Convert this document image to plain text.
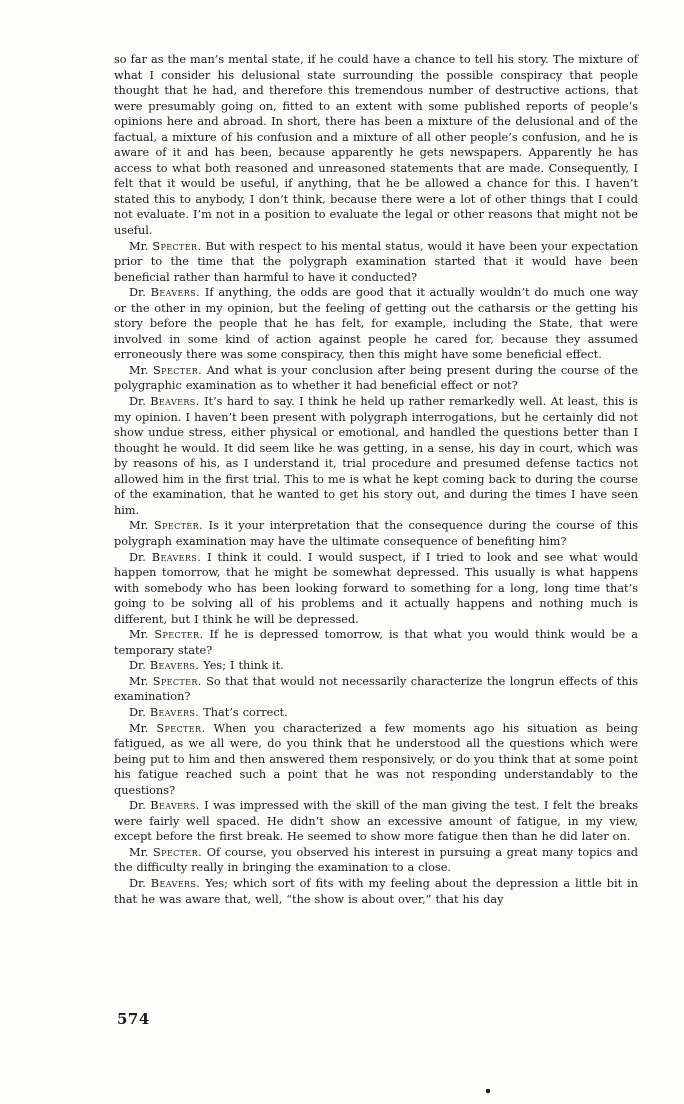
so far as the man’s mental state, if he could have a chance to tell his story. The mixture of what I consider his delusional state surrounding the possible conspiracy that people thought that he had, and therefore this tremendous number of destructive actions, that were presumably going on, fitted to an extent with some published reports of people’s opinions here and abroad. In short, there has been a mixture of the delusional and of the factual, a mixture of his confusion and a mixture of all other people’s confusion, and he is aware of it and has been, because apparently he gets newspapers. Apparently he has access to what both reasoned and unreasoned statements that are made. Consequently, I felt that it would be useful, if anything, that he be allowed a chance for this. I haven’t stated this to anybody, I don’t think, because there were a lot of other things that I could not evaluate. I’m not in a position to evaluate the legal or other reasons that might not be useful.

Mr. Specter. But with respect to his mental status, would it have been your expectation prior to the time that the polygraph examination started that it would have been beneficial rather than harmful to have it conducted?

Dr. Beavers. If anything, the odds are good that it actually wouldn’t do much one way or the other in my opinion, but the feeling of getting out the catharsis or the getting his story before the people that he has felt, for example, including the State, that were involved in some kind of action against people he cared for, because they assumed erroneously there was some conspiracy, then this might have some beneficial effect.

Mr. Specter. And what is your conclusion after being present during the course of the polygraphic examination as to whether it had beneficial effect or not?

Dr. Beavers. It’s hard to say. I think he held up rather remarkedly well. At least, this is my opinion. I haven’t been present with polygraph interrogations, but he certainly did not show undue stress, either physical or emotional, and handled the questions better than I thought he would. It did seem like he was getting, in a sense, his day in court, which was by reasons of his, as I understand it, trial procedure and presumed defense tactics not allowed him in the first trial. This to me is what he kept coming back to during the course of the examination, that he wanted to get his story out, and during the times I have seen him.

Mr. Specter. Is it your interpretation that the consequence during the course of this polygraph examination may have the ultimate consequence of benefiting him?

Dr. Beavers. I think it could. I would suspect, if I tried to look and see what would happen tomorrow, that he might be somewhat depressed. This usually is what happens with somebody who has been looking forward to something for a long, long time that’s going to be solving all of his problems and it actually happens and nothing much is different, but I think he will be depressed.

Mr. Specter. If he is depressed tomorrow, is that what you would think would be a temporary state?

Dr. Beavers. Yes; I think it.

Mr. Specter. So that that would not necessarily characterize the longrun effects of this examination?

Dr. Beavers. That’s correct.

Mr. Specter. When you characterized a few moments ago his situation as being fatigued, as we all were, do you think that he understood all the questions which were being put to him and then answered them responsively, or do you think that at some point his fatigue reached such a point that he was not responding understandably to the questions?

Dr. Beavers. I was impressed with the skill of the man giving the test. I felt the breaks were fairly well spaced. He didn’t show an excessive amount of fatigue, in my view, except before the first break. He seemed to show more fatigue then than he did later on.

Mr. Specter. Of course, you observed his interest in pursuing a great many topics and the difficulty really in bringing the examination to a close.

Dr. Beavers. Yes; which sort of fits with my feeling about the depression a little bit in that he was aware that, well, “the show is about over,” that his day

574
